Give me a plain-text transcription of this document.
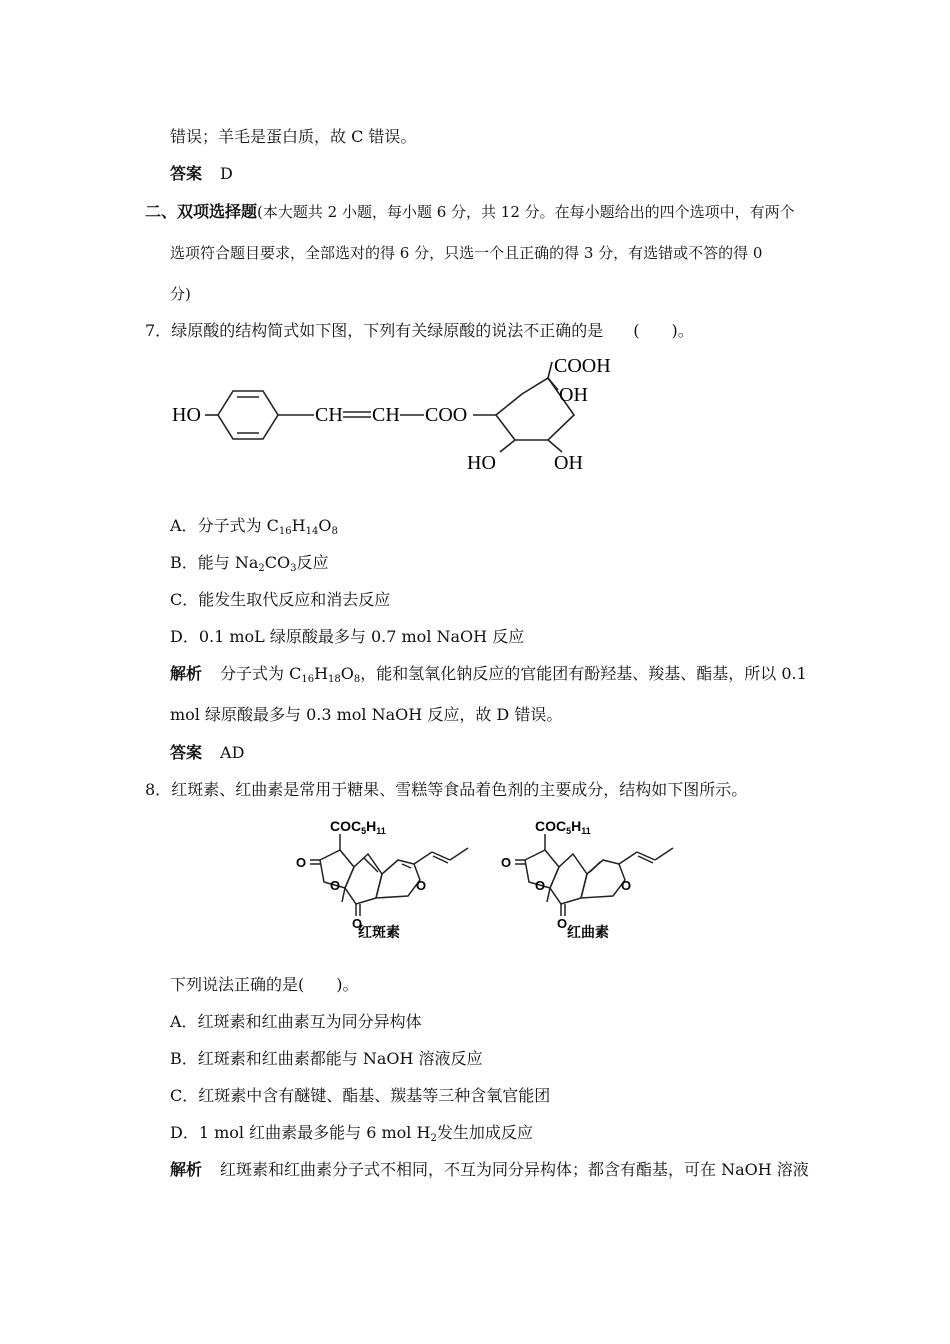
错误；羊毛是蛋白质，故 C 错误。
答案 D
二、双项选择题(本大题共 2 小题，每小题 6 分，共 12 分。在每小题给出的四个选项中，有两个
选项符合题目要求，全部选对的得 6 分，只选一个且正确的得 3 分，有选错或不答的得 0
分)
7．绿原酸的结构简式如下图，下列有关绿原酸的说法不正确的是 (　　)。
HO	CH CH COO
COOH
OH
HO	OH
A．分子式为 $C_{16}H_{14}O_8$
B．能与 $Na_2CO_3$反应
C．能发生取代反应和消去反应
D．0.1 moL 绿原酸最多与 0.7 mol NaOH 反应
解析 分子式为 $C_{16}H_{18}O_8$，能和氢氧化钠反应的官能团有酚羟基、羧基、酯基，所以 0.1
mol 绿原酸最多与 0.3 mol NaOH 反应，故 D 错误。
答案 AD
8．红斑素、红曲素是常用于糖果、雪糕等食品着色剂的主要成分，结构如下图所示。
$COC_5H_{11}$
O
O
O
O
红斑素
$COC_5H_{11}$
O
O
O
O
红曲素
下列说法正确的是(　　)。
A．红斑素和红曲素互为同分异构体
B．红斑素和红曲素都能与 NaOH 溶液反应
C．红斑素中含有醚键、酯基、羰基等三种含氧官能团
D．1 mol 红曲素最多能与 6 mol $H_2$发生加成反应
解析 红斑素和红曲素分子式不相同，不互为同分异构体；都含有酯基，可在 NaOH 溶液
